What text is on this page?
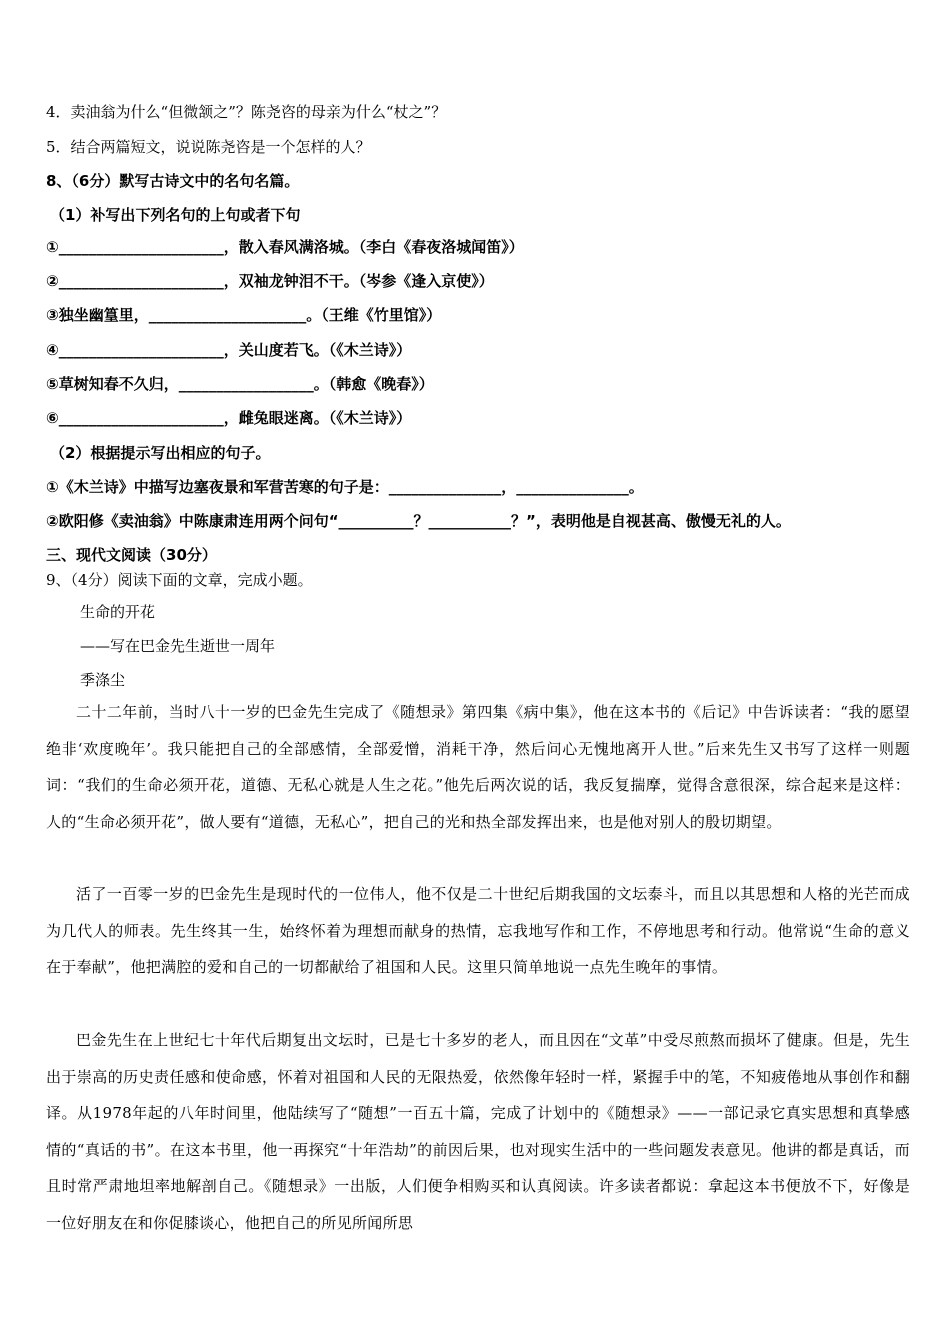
4．卖油翁为什么“但微颔之”？陈尧咨的母亲为什么“杖之”？
5．结合两篇短文，说说陈尧咨是一个怎样的人？
8、（6分）默写古诗文中的名句名篇。
（1）补写出下列名句的上句或者下句
①______________________，散入春风满洛城。（李白《春夜洛城闻笛》）
②______________________，双袖龙钟泪不干。（岑参《逢入京使》）
③独坐幽篁里，_____________________。（王维《竹里馆》）
④______________________，关山度若飞。（《木兰诗》）
⑤草树知春不久归，__________________。（韩愈《晚春》）
⑥______________________，雌兔眼迷离。（《木兰诗》）
（2）根据提示写出相应的句子。
①《木兰诗》中描写边塞夜景和军营苦寒的句子是：_______________，_______________。
②欧阳修《卖油翁》中陈康肃连用两个问句“__________？___________？”，表明他是自视甚高、傲慢无礼的人。
三、现代文阅读（30分）
9、（4分）阅读下面的文章，完成小题。
生命的开花
——写在巴金先生逝世一周年
季涤尘
二十二年前，当时八十一岁的巴金先生完成了《随想录》第四集《病中集》，他在这本书的《后记》中告诉读者：“我的愿望绝非‘欢度晚年’。我只能把自己的全部感情，全部爱憎，消耗干净，然后问心无愧地离开人世。”后来先生又书写了这样一则题词：“我们的生命必须开花，道德、无私心就是人生之花。”他先后两次说的话，我反复揣摩，觉得含意很深，综合起来是这样：人的“生命必须开花”，做人要有“道德，无私心”，把自己的光和热全部发挥出来，也是他对别人的殷切期望。
活了一百零一岁的巴金先生是现时代的一位伟人，他不仅是二十世纪后期我国的文坛泰斗，而且以其思想和人格的光芒而成为几代人的师表。先生终其一生，始终怀着为理想而献身的热情，忘我地写作和工作，不停地思考和行动。他常说“生命的意义在于奉献”，他把满腔的爱和自己的一切都献给了祖国和人民。这里只简单地说一点先生晚年的事情。
巴金先生在上世纪七十年代后期复出文坛时，已是七十多岁的老人，而且因在“文革”中受尽煎熬而损坏了健康。但是，先生出于崇高的历史责任感和使命感，怀着对祖国和人民的无限热爱，依然像年轻时一样，紧握手中的笔，不知疲倦地从事创作和翻译。从1978年起的八年时间里，他陆续写了“随想”一百五十篇，完成了计划中的《随想录》——一部记录它真实思想和真挚感情的“真话的书”。在这本书里，他一再探究“十年浩劫”的前因后果，也对现实生活中的一些问题发表意见。他讲的都是真话，而且时常严肃地坦率地解剖自己。《随想录》一出版，人们便争相购买和认真阅读。许多读者都说：拿起这本书便放不下，好像是一位好朋友在和你促膝谈心，他把自己的所见所闻所思
